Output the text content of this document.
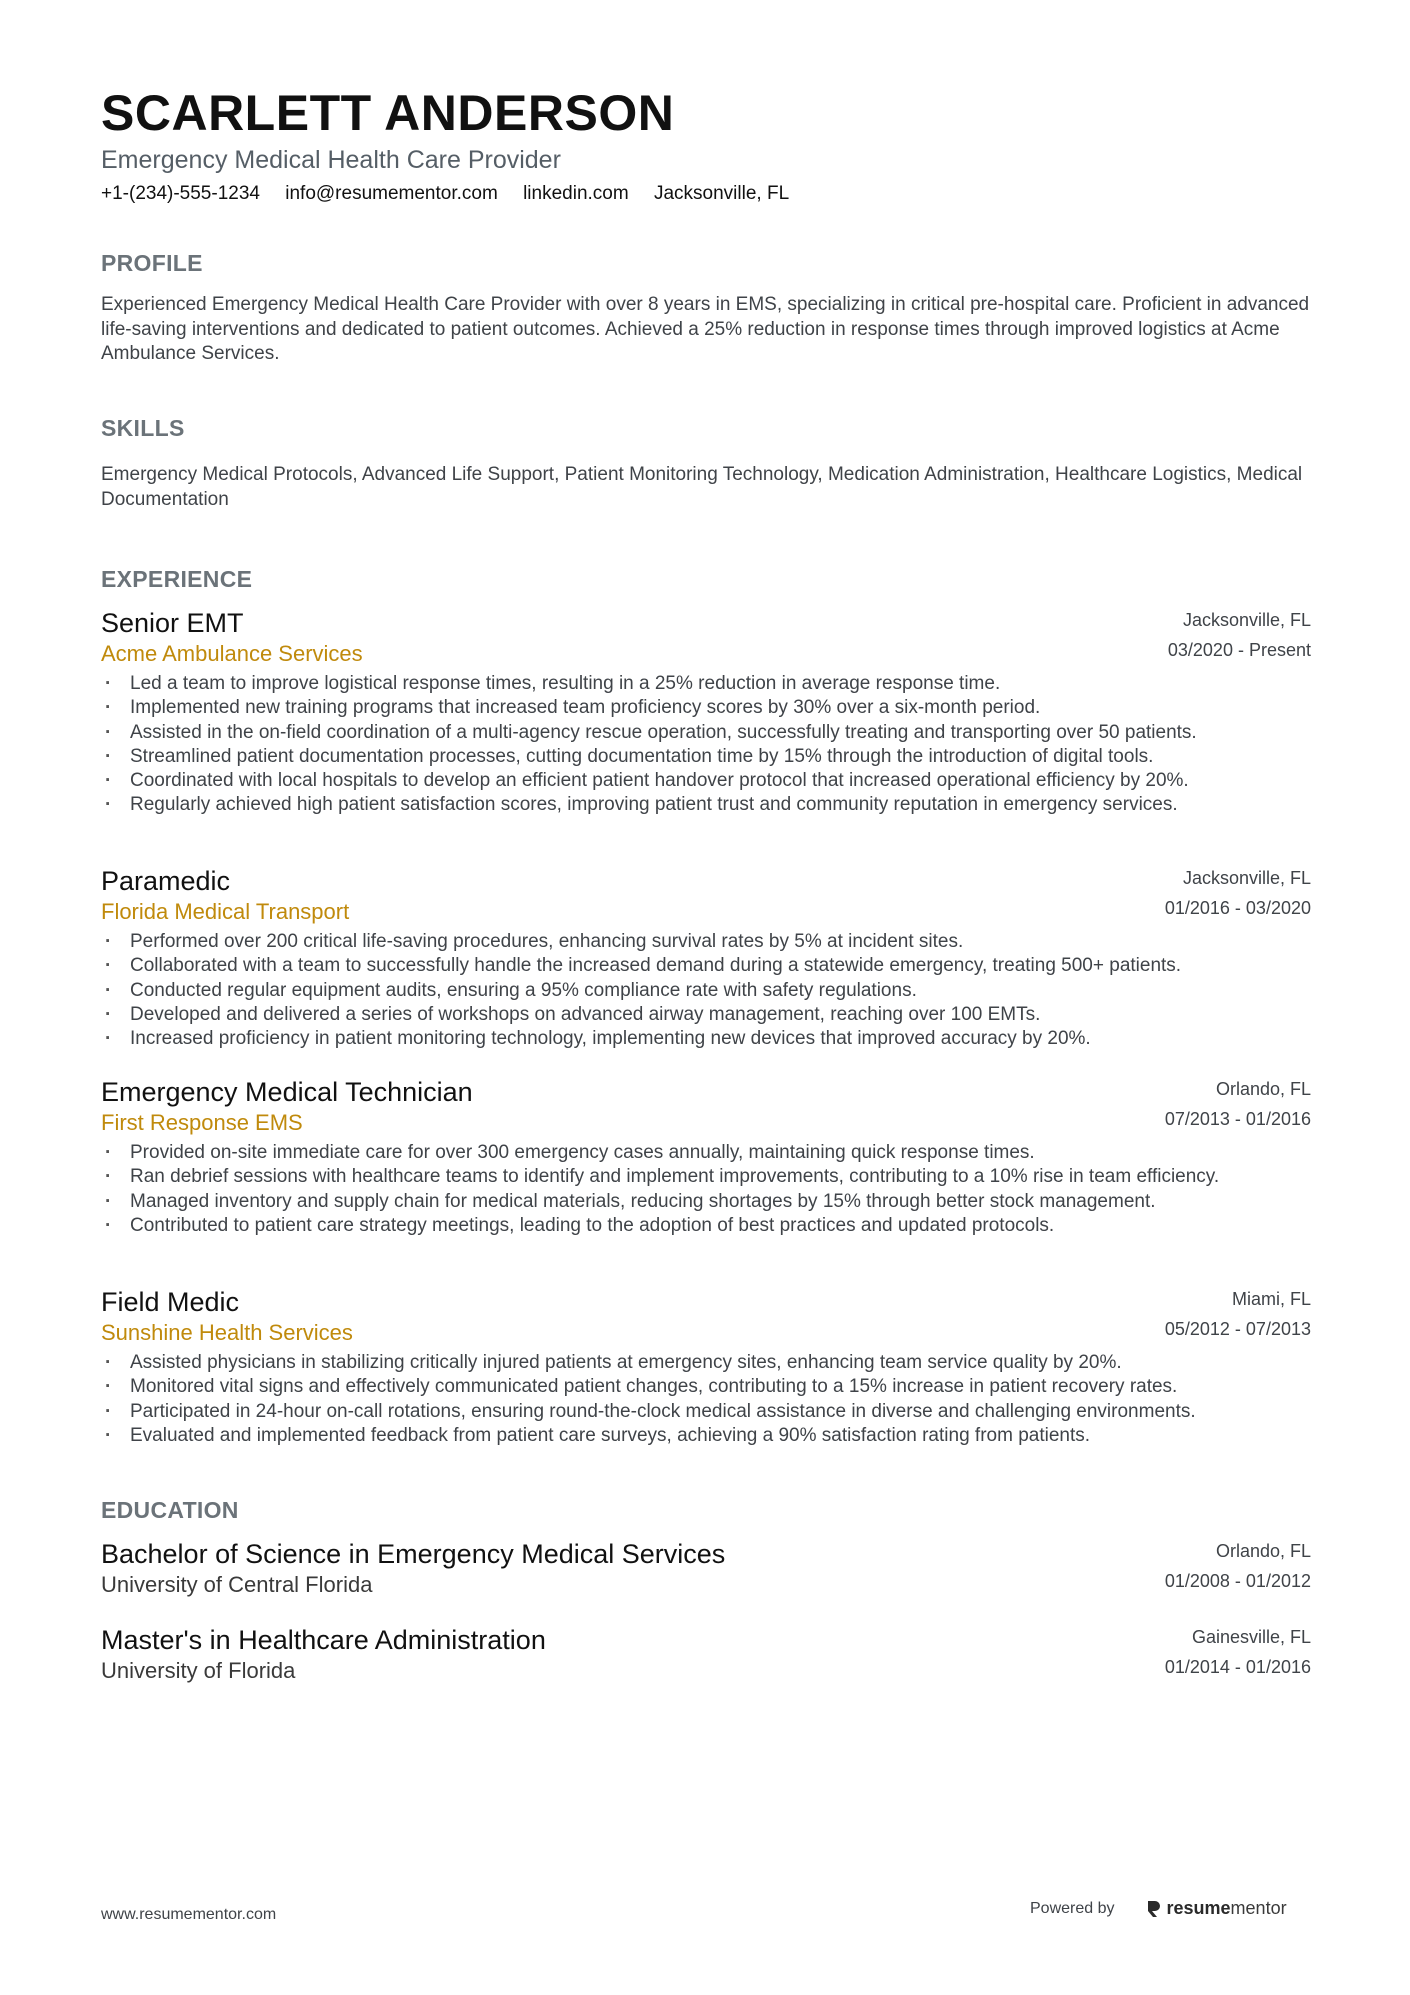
SCARLETT ANDERSON
Emergency Medical Health Care Provider
+1-(234)-555-1234 info@resumementor.com linkedin.com Jacksonville, FL
PROFILE
Experienced Emergency Medical Health Care Provider with over 8 years in EMS, specializing in critical pre-hospital care. Proficient in advanced life-saving interventions and dedicated to patient outcomes. Achieved a 25% reduction in response times through improved logistics at Acme Ambulance Services.
SKILLS
Emergency Medical Protocols, Advanced Life Support, Patient Monitoring Technology, Medication Administration, Healthcare Logistics, Medical Documentation
EXPERIENCE
Senior EMT
Acme Ambulance Services
Jacksonville, FL
03/2020 - Present
· Led a team to improve logistical response times, resulting in a 25% reduction in average response time.
· Implemented new training programs that increased team proficiency scores by 30% over a six-month period.
· Assisted in the on-field coordination of a multi-agency rescue operation, successfully treating and transporting over 50 patients.
· Streamlined patient documentation processes, cutting documentation time by 15% through the introduction of digital tools.
· Coordinated with local hospitals to develop an efficient patient handover protocol that increased operational efficiency by 20%.
· Regularly achieved high patient satisfaction scores, improving patient trust and community reputation in emergency services.
Paramedic
Florida Medical Transport
Jacksonville, FL
01/2016 - 03/2020
· Performed over 200 critical life-saving procedures, enhancing survival rates by 5% at incident sites.
· Collaborated with a team to successfully handle the increased demand during a statewide emergency, treating 500+ patients.
· Conducted regular equipment audits, ensuring a 95% compliance rate with safety regulations.
· Developed and delivered a series of workshops on advanced airway management, reaching over 100 EMTs.
· Increased proficiency in patient monitoring technology, implementing new devices that improved accuracy by 20%.
Emergency Medical Technician
First Response EMS
Orlando, FL
07/2013 - 01/2016
· Provided on-site immediate care for over 300 emergency cases annually, maintaining quick response times.
· Ran debrief sessions with healthcare teams to identify and implement improvements, contributing to a 10% rise in team efficiency.
· Managed inventory and supply chain for medical materials, reducing shortages by 15% through better stock management.
· Contributed to patient care strategy meetings, leading to the adoption of best practices and updated protocols.
Field Medic
Sunshine Health Services
Miami, FL
05/2012 - 07/2013
· Assisted physicians in stabilizing critically injured patients at emergency sites, enhancing team service quality by 20%.
· Monitored vital signs and effectively communicated patient changes, contributing to a 15% increase in patient recovery rates.
· Participated in 24-hour on-call rotations, ensuring round-the-clock medical assistance in diverse and challenging environments.
· Evaluated and implemented feedback from patient care surveys, achieving a 90% satisfaction rating from patients.
EDUCATION
Bachelor of Science in Emergency Medical Services
University of Central Florida
Orlando, FL
01/2008 - 01/2012
Master's in Healthcare Administration
University of Florida
Gainesville, FL
01/2014 - 01/2016
www.resumementor.com	Powered by	resumementor
